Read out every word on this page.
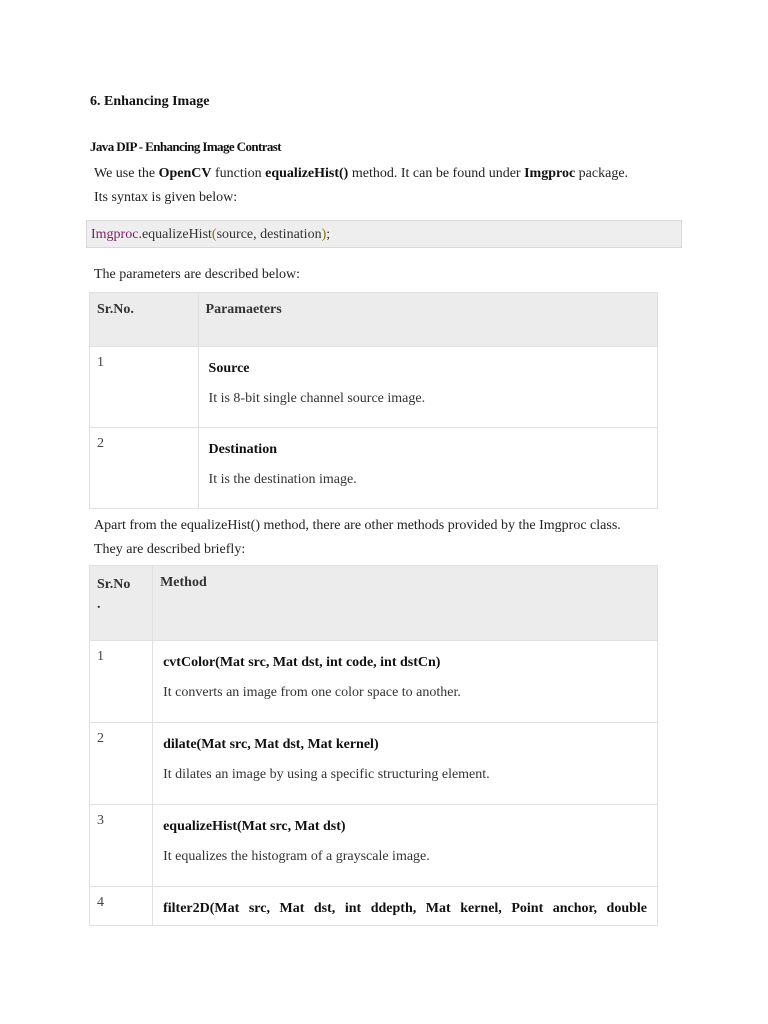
6. Enhancing Image
Java DIP - Enhancing Image Contrast
We use the OpenCV function equalizeHist() method. It can be found under Imgproc package.
Its syntax is given below:
Imgproc.equalizeHist(source, destination);
The parameters are described below:
Sr.No.	Paramaeters
1	Source
It is 8-bit single channel source image.

2	Destination
It is the destination image.
Apart from the equalizeHist() method, there are other methods provided by the Imgproc class.
They are described briefly:
Sr.No
.	Method
1	cvtColor(Mat src, Mat dst, int code, int dstCn)
It converts an image from one color space to another.

2	dilate(Mat src, Mat dst, Mat kernel)
It dilates an image by using a specific structuring element.

3	equalizeHist(Mat src, Mat dst)
It equalizes the histogram of a grayscale image.

4	filter2D(Mat src, Mat dst, int ddepth, Mat kernel, Point anchor, double
